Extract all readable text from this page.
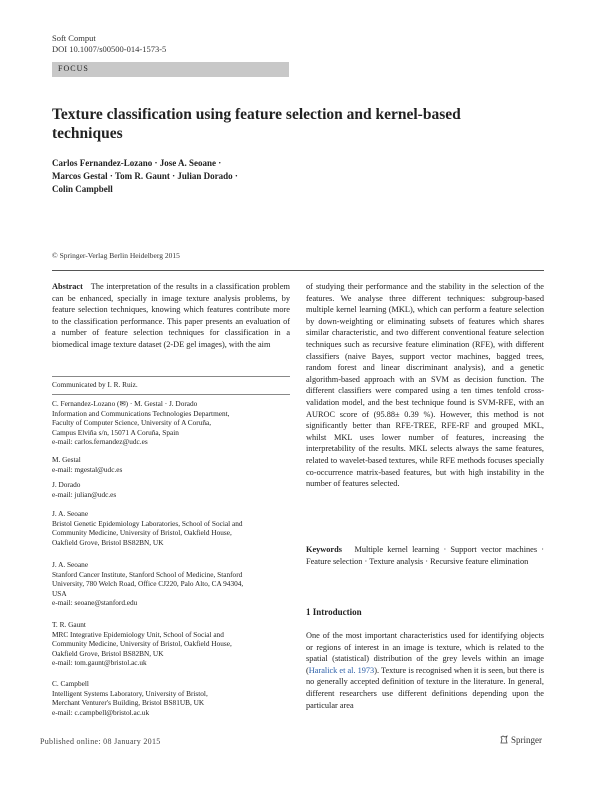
Soft Comput
DOI 10.1007/s00500-014-1573-5
FOCUS
Texture classification using feature selection and kernel-based techniques
Carlos Fernandez-Lozano · Jose A. Seoane ·
Marcos Gestal · Tom R. Gaunt · Julian Dorado ·
Colin Campbell
© Springer-Verlag Berlin Heidelberg 2015
Abstract The interpretation of the results in a classification problem can be enhanced, specially in image texture analysis problems, by feature selection techniques, knowing which features contribute more to the classification performance. This paper presents an evaluation of a number of feature selection techniques for classification in a biomedical image texture dataset (2-DE gel images), with the aim
Communicated by I. R. Ruiz.
C. Fernandez-Lozano (✉) · M. Gestal · J. Dorado
Information and Communications Technologies Department,
Faculty of Computer Science, University of A Coruña,
Campus Elviña s/n, 15071 A Coruña, Spain
e-mail: carlos.fernandez@udc.es
M. Gestal
e-mail: mgestal@udc.es
J. Dorado
e-mail: julian@udc.es
J. A. Seoane
Bristol Genetic Epidemiology Laboratories, School of Social and
Community Medicine, University of Bristol, Oakfield House,
Oakfield Grove, Bristol BS82BN, UK
J. A. Seoane
Stanford Cancer Institute, Stanford School of Medicine, Stanford
University, 780 Welch Road, Office CJ220, Palo Alto, CA 94304,
USA
e-mail: seoane@stanford.edu
T. R. Gaunt
MRC Integrative Epidemiology Unit, School of Social and
Community Medicine, University of Bristol, Oakfield House,
Oakfield Grove, Bristol BS82BN, UK
e-mail: tom.gaunt@bristol.ac.uk
C. Campbell
Intelligent Systems Laboratory, University of Bristol,
Merchant Venturer's Building, Bristol BS81UB, UK
e-mail: c.campbell@bristol.ac.uk
of studying their performance and the stability in the selection of the features. We analyse three different techniques: subgroup-based multiple kernel learning (MKL), which can perform a feature selection by down-weighting or eliminating subsets of features which shares similar characteristic, and two different conventional feature selection techniques such as recursive feature elimination (RFE), with different classifiers (naive Bayes, support vector machines, bagged trees, random forest and linear discriminant analysis), and a genetic algorithm-based approach with an SVM as decision function. The different classifiers were compared using a ten times tenfold cross-validation model, and the best technique found is SVM-RFE, with an AUROC score of (95.88± 0.39 %). However, this method is not significantly better than RFE-TREE, RFE-RF and grouped MKL, whilst MKL uses lower number of features, increasing the interpretability of the results. MKL selects always the same features, related to wavelet-based textures, while RFE methods focuses specially co-occurrence matrix-based features, but with high instability in the number of features selected.
Keywords Multiple kernel learning · Support vector machines · Feature selection · Texture analysis · Recursive feature elimination
1 Introduction
One of the most important characteristics used for identifying objects or regions of interest in an image is texture, which is related to the spatial (statistical) distribution of the grey levels within an image (Haralick et al. 1973). Texture is recognised when it is seen, but there is no generally accepted definition of texture in the literature. In general, different researchers use different definitions depending upon the particular area
Published online: 08 January 2015	Springer
